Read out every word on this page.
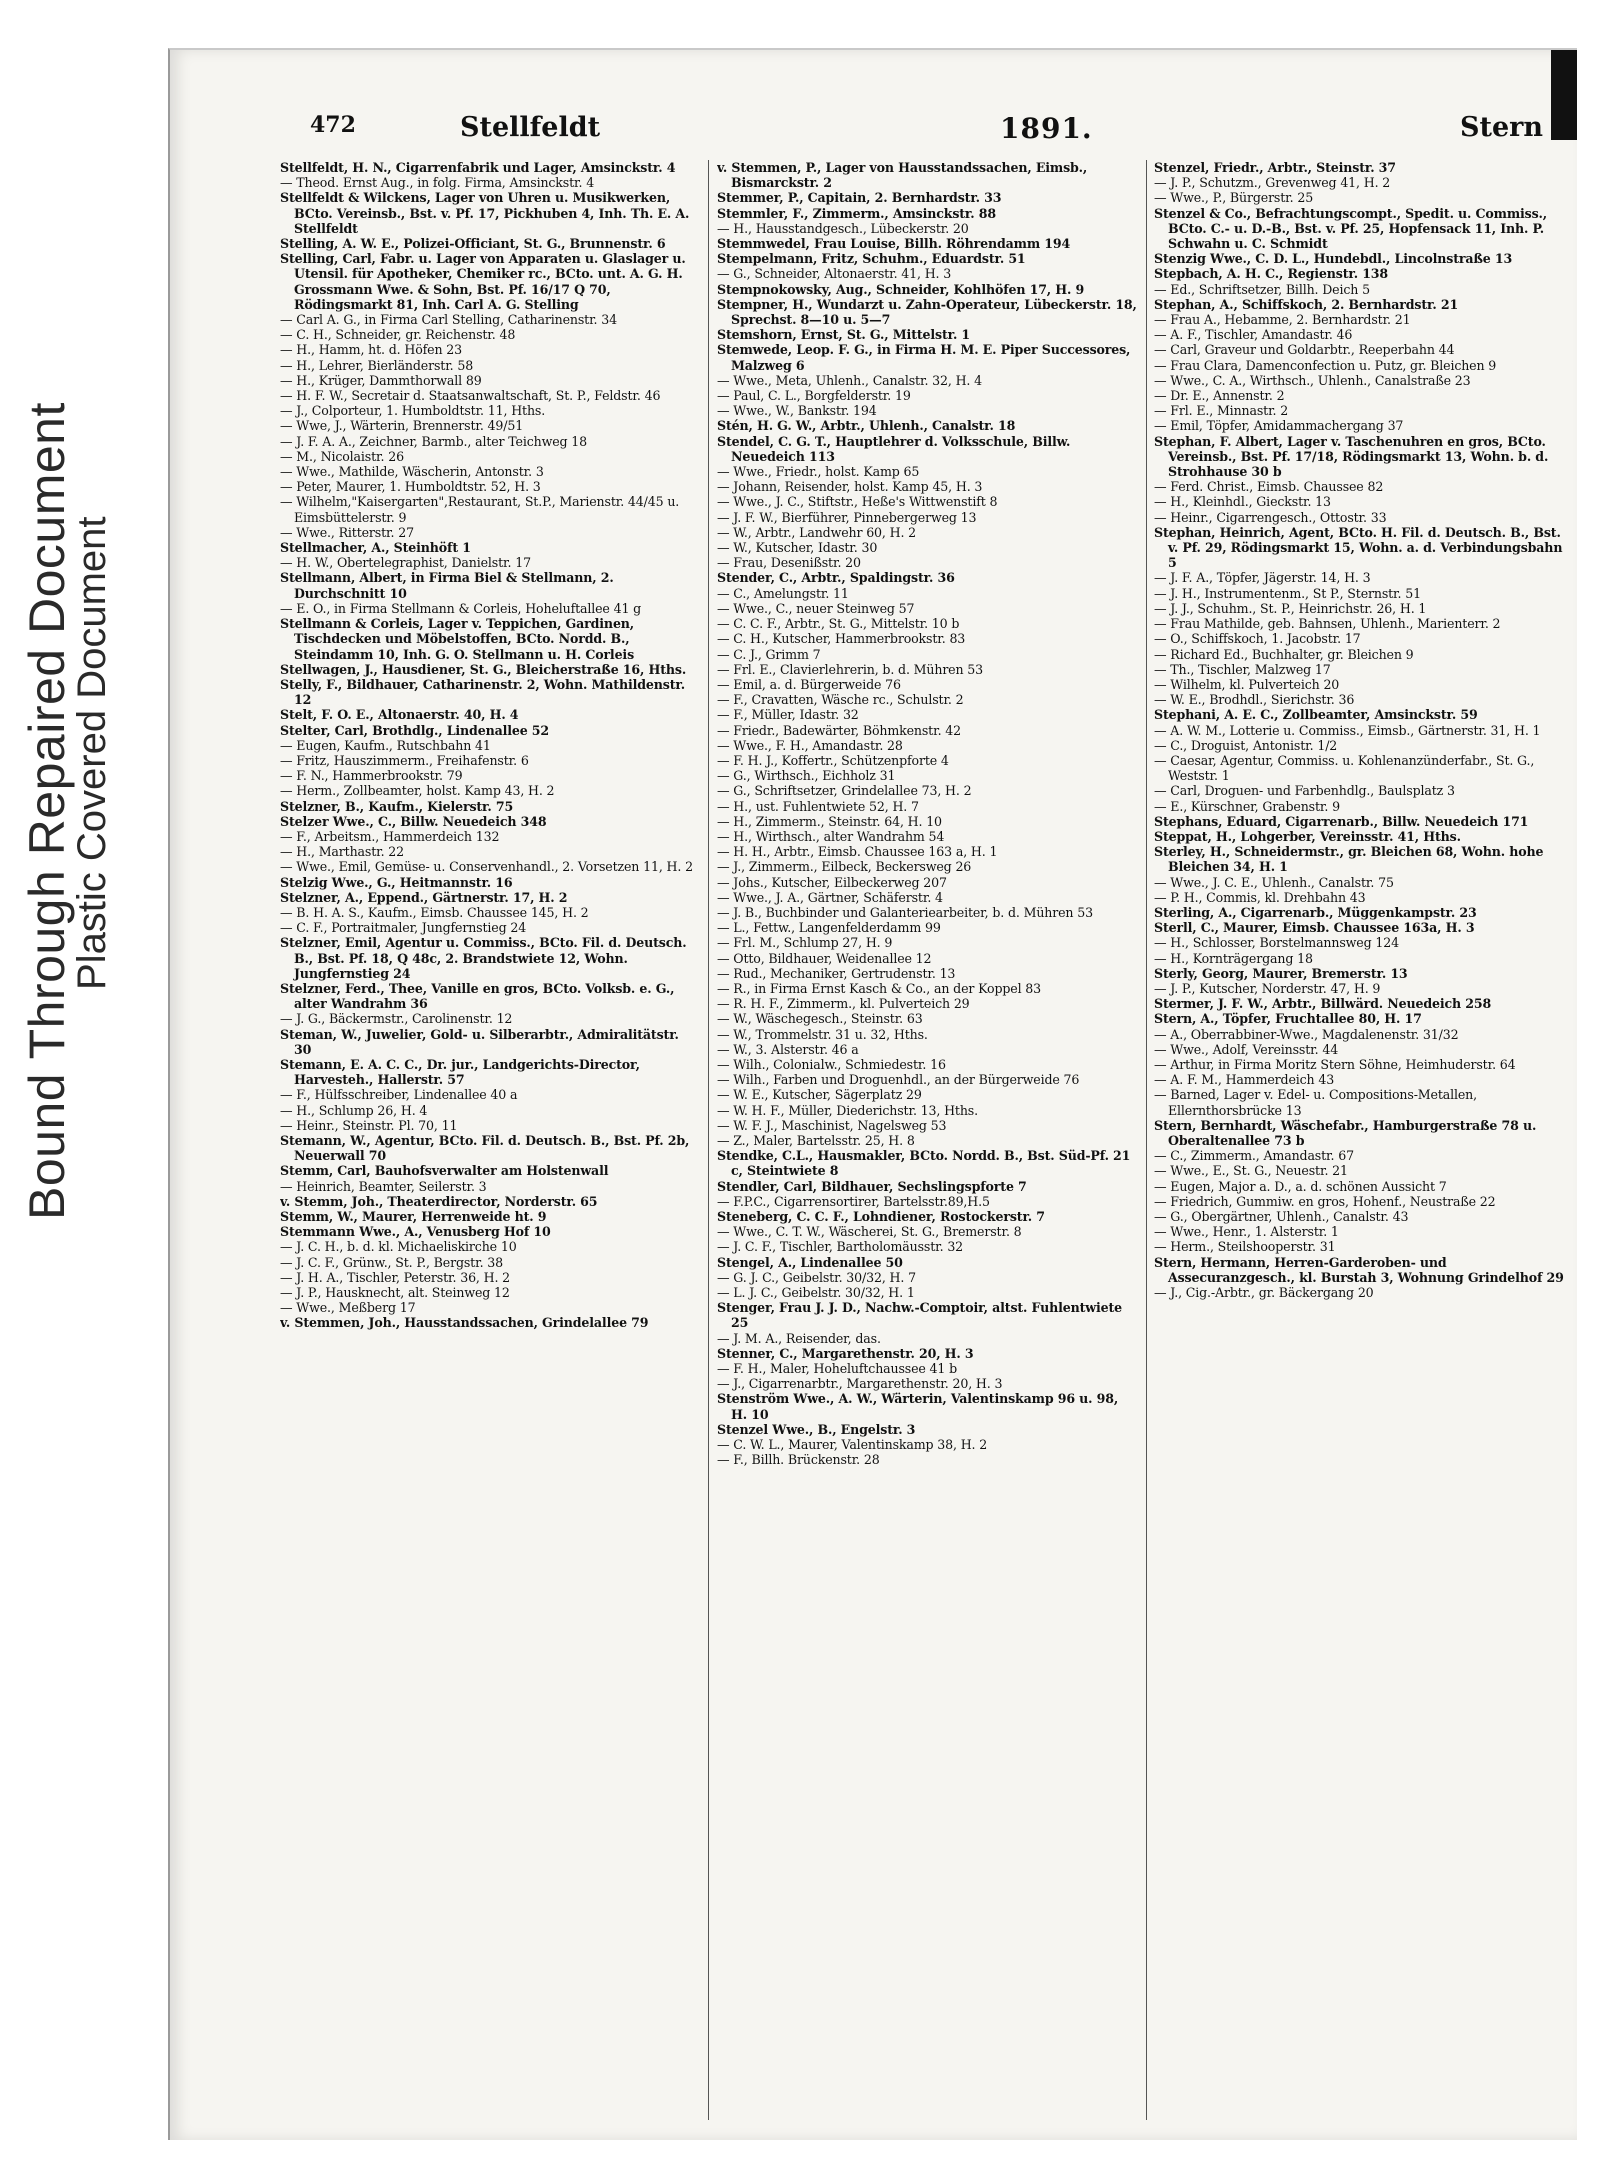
Bound Through Repaired Document
Plastic Covered Document
472	Stellfeldt	1891.	Stern

Stellfeldt, H. N., Cigarrenfabrik und Lager, Amsinckstr. 4

— Theod. Ernst Aug., in folg. Firma, Amsinckstr. 4

Stellfeldt & Wilckens, Lager von Uhren u. Musikwerken, BCto. Vereinsb., Bst. v. Pf. 17, Pickhuben 4, Inh. Th. E. A. Stellfeldt

Stelling, A. W. E., Polizei-Officiant, St. G., Brunnenstr. 6

Stelling, Carl, Fabr. u. Lager von Apparaten u. Glaslager u. Utensil. für Apotheker, Chemiker rc., BCto. unt. A. G. H. Grossmann Wwe. & Sohn, Bst. Pf. 16/17 Q 70, Rödingsmarkt 81, Inh. Carl A. G. Stelling

— Carl A. G., in Firma Carl Stelling, Catharinenstr. 34

— C. H., Schneider, gr. Reichenstr. 48

— H., Hamm, ht. d. Höfen 23

— H., Lehrer, Bierländerstr. 58

— H., Krüger, Dammthorwall 89

— H. F. W., Secretair d. Staatsanwaltschaft, St. P., Feldstr. 46

— J., Colporteur, 1. Humboldtstr. 11, Hths.

— Wwe, J., Wärterin, Brennerstr. 49/51

— J. F. A. A., Zeichner, Barmb., alter Teichweg 18

— M., Nicolaistr. 26

— Wwe., Mathilde, Wäscherin, Antonstr. 3

— Peter, Maurer, 1. Humboldtstr. 52, H. 3

— Wilhelm,"Kaisergarten",Restaurant, St.P., Marienstr. 44/45 u. Eimsbüttelerstr. 9

— Wwe., Ritterstr. 27

Stellmacher, A., Steinhöft 1

— H. W., Obertelegraphist, Danielstr. 17

Stellmann, Albert, in Firma Biel & Stellmann, 2. Durchschnitt 10

— E. O., in Firma Stellmann & Corleis, Hoheluftallee 41 g

Stellmann & Corleis, Lager v. Teppichen, Gardinen, Tischdecken und Möbelstoffen, BCto. Nordd. B., Steindamm 10, Inh. G. O. Stellmann u. H. Corleis

Stellwagen, J., Hausdiener, St. G., Bleicherstraße 16, Hths.

Stelly, F., Bildhauer, Catharinenstr. 2, Wohn. Mathildenstr. 12

Stelt, F. O. E., Altonaerstr. 40, H. 4

Stelter, Carl, Brothdlg., Lindenallee 52

— Eugen, Kaufm., Rutschbahn 41

— Fritz, Hauszimmerm., Freihafenstr. 6

— F. N., Hammerbrookstr. 79

— Herm., Zollbeamter, holst. Kamp 43, H. 2

Stelzner, B., Kaufm., Kielerstr. 75

Stelzer Wwe., C., Billw. Neuedeich 348

— F., Arbeitsm., Hammerdeich 132

— H., Marthastr. 22

— Wwe., Emil, Gemüse- u. Conservenhandl., 2. Vorsetzen 11, H. 2

Stelzig Wwe., G., Heitmannstr. 16

Stelzner, A., Eppend., Gärtnerstr. 17, H. 2

— B. H. A. S., Kaufm., Eimsb. Chaussee 145, H. 2

— C. F., Portraitmaler, Jungfernstieg 24

Stelzner, Emil, Agentur u. Commiss., BCto. Fil. d. Deutsch. B., Bst. Pf. 18, Q 48c, 2. Brandstwiete 12, Wohn. Jungfernstieg 24

Stelzner, Ferd., Thee, Vanille en gros, BCto. Volksb. e. G., alter Wandrahm 36

— J. G., Bäckermstr., Carolinenstr. 12

Steman, W., Juwelier, Gold- u. Silberarbtr., Admiralitätstr. 30

Stemann, E. A. C. C., Dr. jur., Landgerichts-Director, Harvestеh., Hallerstr. 57

— F., Hülfsschreiber, Lindenallee 40 a

— H., Schlump 26, H. 4

— Heinr., Steinstr. Pl. 70, 11

Stemann, W., Agentur, BCto. Fil. d. Deutsch. B., Bst. Pf. 2b, Neuerwall 70

Stemm, Carl, Bauhofsverwalter am Holstenwall

— Heinrich, Beamter, Seilerstr. 3

v. Stemm, Joh., Theaterdirector, Norderstr. 65

Stemm, W., Maurer, Herrenweide ht. 9

Stemmann Wwe., A., Venusberg Hof 10

— J. C. H., b. d. kl. Michaeliskirche 10

— J. C. F., Grünw., St. P., Bergstr. 38

— J. H. A., Tischler, Peterstr. 36, H. 2

— J. P., Hausknecht, alt. Steinweg 12

— Wwe., Meßberg 17

v. Stemmen, Joh., Hausstandssachen, Grindelallee 79

v. Stemmen, P., Lager von Hausstandssachen, Eimsb., Bismarckstr. 2

Stemmer, P., Capitain, 2. Bernhardstr. 33

Stemmler, F., Zimmerm., Amsinckstr. 88

— H., Hausstandgesch., Lübeckerstr. 20

Stemmwedel, Frau Louise, Billh. Röhrendamm 194

Stempelmann, Fritz, Schuhm., Eduardstr. 51

— G., Schneider, Altonaerstr. 41, H. 3

Stempnokowsky, Aug., Schneider, Kohlhöfen 17, H. 9

Stempner, H., Wundarzt u. Zahn-Operateur, Lübeckerstr. 18, Sprechst. 8—10 u. 5—7

Stemshorn, Ernst, St. G., Mittelstr. 1

Stemwede, Leop. F. G., in Firma H. M. E. Piper Successores, Malzweg 6

— Wwe., Meta, Uhlenh., Canalstr. 32, H. 4

— Paul, C. L., Borgfelderstr. 19

— Wwe., W., Bankstr. 194

Stén, H. G. W., Arbtr., Uhlenh., Canalstr. 18

Stendel, C. G. T., Hauptlehrer d. Volksschule, Billw. Neuedeich 113

— Wwe., Friedr., holst. Kamp 65

— Johann, Reisender, holst. Kamp 45, H. 3

— Wwe., J. C., Stiftstr., Heße's Wittwenstift 8

— J. F. W., Bierführer, Pinnebergerweg 13

— W., Arbtr., Landwehr 60, H. 2

— W., Kutscher, Idastr. 30

— Frau, Desenißstr. 20

Stender, C., Arbtr., Spaldingstr. 36

— C., Amelungstr. 11

— Wwe., C., neuer Steinweg 57

— C. C. F., Arbtr., St. G., Mittelstr. 10 b

— C. H., Kutscher, Hammerbrookstr. 83

— C. J., Grimm 7

— Frl. E., Clavierlehrerin, b. d. Mühren 53

— Emil, a. d. Bürgerweide 76

— F., Cravatten, Wäsche rc., Schulstr. 2

— F., Müller, Idastr. 32

— Friedr., Badewärter, Böhmkenstr. 42

— Wwe., F. H., Amandastr. 28

— F. H. J., Koffertr., Schützenpforte 4

— G., Wirthsch., Eichholz 31

— G., Schriftsetzer, Grindelallee 73, H. 2

— H., ust. Fuhlentwiete 52, H. 7

— H., Zimmerm., Steinstr. 64, H. 10

— H., Wirthsch., alter Wandrahm 54

— H. H., Arbtr., Eimsb. Chaussee 163 a, H. 1

— J., Zimmerm., Eilbeck, Beckersweg 26

— Johs., Kutscher, Eilbeckerweg 207

— Wwe., J. A., Gärtner, Schäferstr. 4

— J. B., Buchbinder und Galanteriearbeiter, b. d. Mühren 53

— L., Fettw., Langenfelderdamm 99

— Frl. M., Schlump 27, H. 9

— Otto, Bildhauer, Weidenallee 12

— Rud., Mechaniker, Gertrudenstr. 13

— R., in Firma Ernst Kasch & Co., an der Koppel 83

— R. H. F., Zimmerm., kl. Pulverteich 29

— W., Wäschegesch., Steinstr. 63

— W., Trommelstr. 31 u. 32, Hths.

— W., 3. Alsterstr. 46 a

— Wilh., Colonialw., Schmiedestr. 16

— Wilh., Farben und Droguenhdl., an der Bürgerweide 76

— W. E., Kutscher, Sägerplatz 29

— W. H. F., Müller, Diederichstr. 13, Hths.

— W. F. J., Maschinist, Nagelsweg 53

— Z., Maler, Bartelsstr. 25, H. 8

Stendke, C.L., Hausmakler, BCto. Nordd. B., Bst. Süd-Pf. 21 c, Steintwiete 8

Stendler, Carl, Bildhauer, Sechslingspforte 7

— F.P.C., Cigarrensortirer, Bartelsstr.89,H.5

Steneberg, C. C. F., Lohndiener, Rostockerstr. 7

— Wwe., C. T. W., Wäscherei, St. G., Bremerstr. 8

— J. C. F., Tischler, Bartholomäusstr. 32

Stengel, A., Lindenallee 50

— G. J. C., Geibelstr. 30/32, H. 7

— L. J. C., Geibelstr. 30/32, H. 1

Stenger, Frau J. J. D., Nachw.-Comptoir, altst. Fuhlentwiete 25

— J. M. A., Reisender, das.

Stenner, C., Margarethenstr. 20, H. 3

— F. H., Maler, Hoheluftchaussee 41 b

— J., Cigarrenarbtr., Margarethenstr. 20, H. 3

Stenström Wwe., A. W., Wärterin, Valentinskamp 96 u. 98, H. 10

Stenzel Wwe., B., Engelstr. 3

— C. W. L., Maurer, Valentinskamp 38, H. 2

— F., Billh. Brückenstr. 28

Stenzel, Friedr., Arbtr., Steinstr. 37

— J. P., Schutzm., Grevenweg 41, H. 2

— Wwe., P., Bürgerstr. 25

Stenzel & Co., Befrachtungscompt., Spedit. u. Commiss., BCto. C.- u. D.-B., Bst. v. Pf. 25, Hopfensack 11, Inh. P. Schwahn u. C. Schmidt

Stenzig Wwe., C. D. L., Hundebdl., Lincolnstraße 13

Stepbach, A. H. C., Regienstr. 138

— Ed., Schriftsetzer, Billh. Deich 5

Stephan, A., Schiffskoch, 2. Bernhardstr. 21

— Frau A., Hebamme, 2. Bernhardstr. 21

— A. F., Tischler, Amandastr. 46

— Carl, Graveur und Goldarbtr., Reeperbahn 44

— Frau Clara, Damenconfection u. Putz, gr. Bleichen 9

— Wwe., C. A., Wirthsch., Uhlenh., Canalstraße 23

— Dr. E., Annenstr. 2

— Frl. E., Minnastr. 2

— Emil, Töpfer, Amidammachergang 37

Stephan, F. Albert, Lager v. Taschenuhren en gros, BCto. Vereinsb., Bst. Pf. 17/18, Rödingsmarkt 13, Wohn. b. d. Strohhause 30 b

— Ferd. Christ., Eimsb. Chaussee 82

— H., Kleinhdl., Gieckstr. 13

— Heinr., Cigarrengesch., Ottostr. 33

Stephan, Heinrich, Agent, BCto. H. Fil. d. Deutsch. B., Bst. v. Pf. 29, Rödingsmarkt 15, Wohn. a. d. Verbindungsbahn 5

— J. F. A., Töpfer, Jägerstr. 14, H. 3

— J. H., Instrumentenm., St P., Sternstr. 51

— J. J., Schuhm., St. P., Heinrichstr. 26, H. 1

— Frau Mathilde, geb. Bahnsen, Uhlenh., Marienterr. 2

— O., Schiffskoch, 1. Jacobstr. 17

— Richard Ed., Buchhalter, gr. Bleichen 9

— Th., Tischler, Malzweg 17

— Wilhelm, kl. Pulverteich 20

— W. E., Brodhdl., Sierichstr. 36

Stephani, A. E. C., Zollbeamter, Amsinckstr. 59

— A. W. M., Lotterie u. Commiss., Eimsb., Gärtnerstr. 31, H. 1

— C., Droguist, Antonistr. 1/2

— Caesar, Agentur, Commiss. u. Kohlenanzünderfabr., St. G., Weststr. 1

— Carl, Droguen- und Farbenhdlg., Baulsplatz 3

— E., Kürschner, Grabenstr. 9

Stephans, Eduard, Cigarrenarb., Billw. Neuedeich 171

Steppat, H., Lohgerber, Vereinsstr. 41, Hths.

Sterley, H., Schneidermstr., gr. Bleichen 68, Wohn. hohe Bleichen 34, H. 1

— Wwe., J. C. E., Uhlenh., Canalstr. 75

— P. H., Commis, kl. Drehbahn 43

Sterling, A., Cigarrenarb., Müggenkampstr. 23

Sterll, C., Maurer, Eimsb. Chaussee 163a, H. 3

— H., Schlosser, Borstelmannsweg 124

— H., Kornträgergang 18

Sterly, Georg, Maurer, Bremerstr. 13

— J. P., Kutscher, Norderstr. 47, H. 9

Stermer, J. F. W., Arbtr., Billwärd. Neuedeich 258

Stern, A., Töpfer, Fruchtallee 80, H. 17

— A., Oberrabbiner-Wwe., Magdalenenstr. 31/32

— Wwe., Adolf, Vereinsstr. 44

— Arthur, in Firma Moritz Stern Söhne, Heimhuderstr. 64

— A. F. M., Hammerdeich 43

— Barned, Lager v. Edel- u. Compositions-Metallen, Ellernthorsbrücke 13

Stern, Bernhardt, Wäschefabr., Hamburgerstraße 78 u. Oberaltenallee 73 b

— C., Zimmerm., Amandastr. 67

— Wwe., E., St. G., Neuestr. 21

— Eugen, Major a. D., a. d. schönen Aussicht 7

— Friedrich, Gummiw. en gros, Hohenf., Neustraße 22

— G., Obergärtner, Uhlenh., Canalstr. 43

— Wwe., Henr., 1. Alsterstr. 1

— Herm., Steilshooperstr. 31

Stern, Hermann, Herren-Garderoben- und Assecuranzgesch., kl. Burstah 3, Wohnung Grindelhof 29

— J., Cig.-Arbtr., gr. Bäckergang 20
